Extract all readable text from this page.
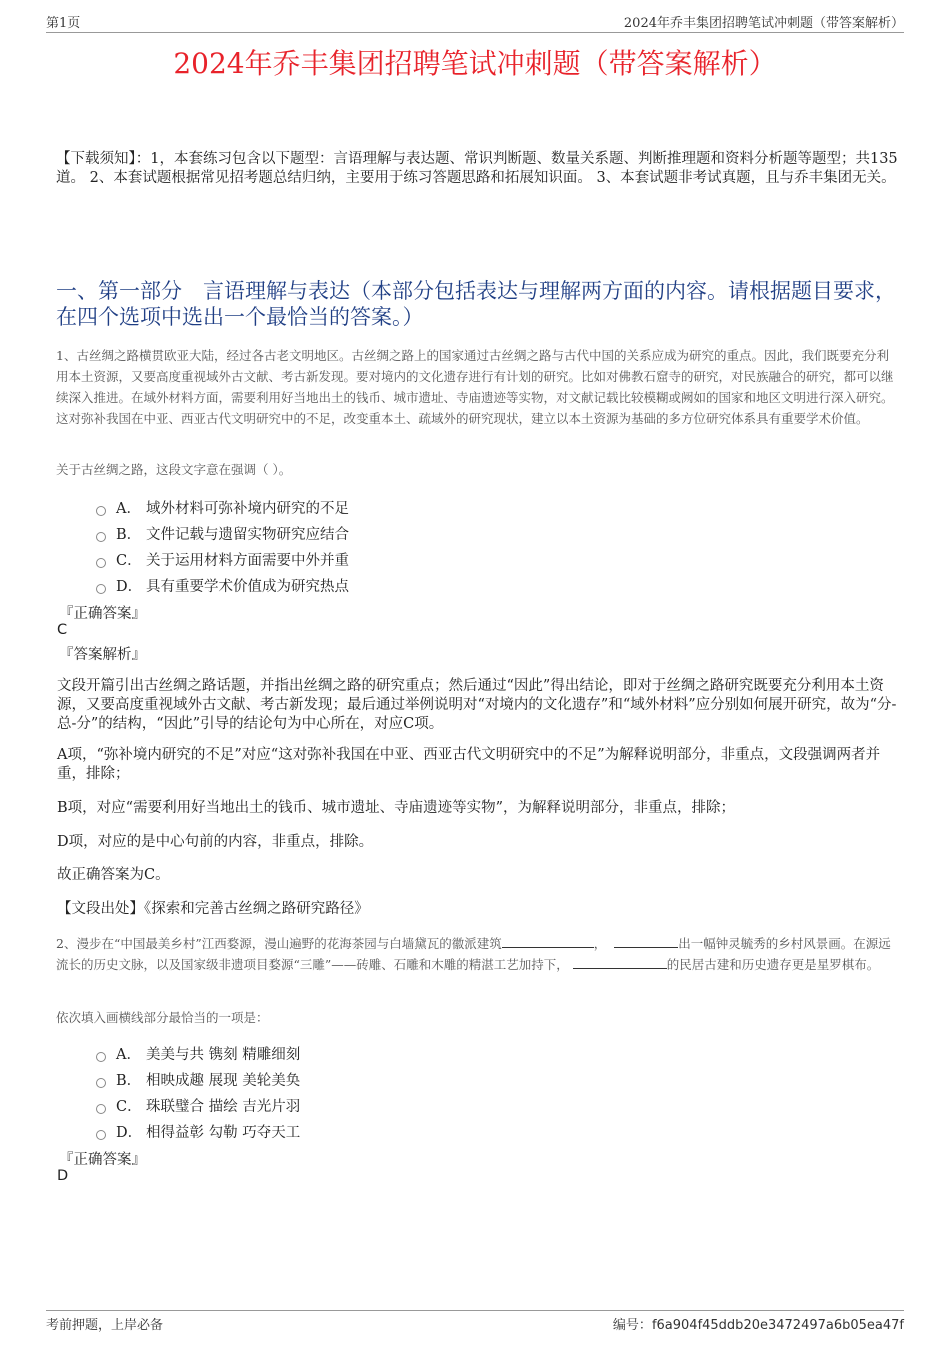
第1页	2024年乔丰集团招聘笔试冲刺题（带答案解析）
2024年乔丰集团招聘笔试冲刺题（带答案解析）
【下载须知】：1，本套练习包含以下题型：言语理解与表达题、常识判断题、数量关系题、判断推理题和资料分析题等题型；共135道。 2、本套试题根据常见招考题总结归纳，主要用于练习答题思路和拓展知识面。 3、本套试题非考试真题，且与乔丰集团无关。
一、第一部分　言语理解与表达（本部分包括表达与理解两方面的内容。请根据题目要求，在四个选项中选出一个最恰当的答案。）
1、古丝绸之路横贯欧亚大陆，经过各古老文明地区。古丝绸之路上的国家通过古丝绸之路与古代中国的关系应成为研究的重点。因此，我们既要充分利用本土资源，又要高度重视域外古文献、考古新发现。要对境内的文化遗存进行有计划的研究。比如对佛教石窟寺的研究，对民族融合的研究，都可以继续深入推进。在域外材料方面，需要利用好当地出土的钱币、城市遗址、寺庙遗迹等实物，对文献记载比较模糊或阙如的国家和地区文明进行深入研究。这对弥补我国在中亚、西亚古代文明研究中的不足，改变重本土、疏域外的研究现状，建立以本土资源为基础的多方位研究体系具有重要学术价值。
关于古丝绸之路，这段文字意在强调（ ）。
A． 域外材料可弥补境内研究的不足
B． 文件记载与遗留实物研究应结合
C． 关于运用材料方面需要中外并重
D． 具有重要学术价值成为研究热点
『正确答案』
C
『答案解析』
文段开篇引出古丝绸之路话题，并指出丝绸之路的研究重点；然后通过“因此”得出结论，即对于丝绸之路研究既要充分利用本土资源，又要高度重视域外古文献、考古新发现；最后通过举例说明对“对境内的文化遗存”和“域外材料”应分别如何展开研究，故为“分-总-分”的结构，“因此”引导的结论句为中心所在，对应C项。
A项，“弥补境内研究的不足”对应“这对弥补我国在中亚、西亚古代文明研究中的不足”为解释说明部分，非重点，文段强调两者并重，排除；
B项，对应“需要利用好当地出土的钱币、城市遗址、寺庙遗迹等实物”，为解释说明部分，非重点，排除；
D项，对应的是中心句前的内容，非重点，排除。
故正确答案为C。
【文段出处】《探索和完善古丝绸之路研究路径》
2、漫步在“中国最美乡村”江西婺源，漫山遍野的花海茶园与白墙黛瓦的徽派建筑	，	出一幅钟灵毓秀的乡村风景画。在源远流长的历史文脉，以及国家级非遗项目婺源“三雕”——砖雕、石雕和木雕的精湛工艺加持下，	的民居古建和历史遗存更是星罗棋布。
依次填入画横线部分最恰当的一项是：
A． 美美与共 镌刻 精雕细刻
B． 相映成趣 展现 美轮美奂
C． 珠联璧合 描绘 吉光片羽
D． 相得益彰 勾勒 巧夺天工
『正确答案』
D
考前押题，上岸必备	编号：f6a904f45ddb20e3472497a6b05ea47f
